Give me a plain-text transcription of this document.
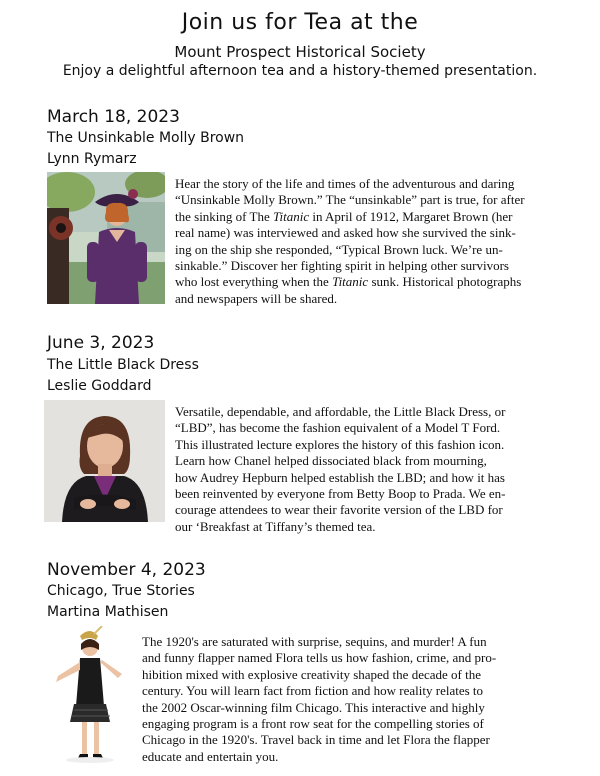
Join us for Tea at the
Mount Prospect Historical Society
Enjoy a delightful afternoon tea and a history-themed presentation.
March 18, 2023
The Unsinkable Molly Brown
Lynn Rymarz

Hear the story of the life and times of the adventurous and daring

“Unsinkable Molly Brown.” The “unsinkable” part is true, for after

the sinking of The Titanic in April of 1912, Margaret Brown (her

real name) was interviewed and asked how she survived the sink-

ing on the ship she responded, “Typical Brown luck. We’re un-

sinkable.” Discover her fighting spirit in helping other survivors

who lost everything when the Titanic sunk. Historical photographs

and newspapers will be shared.

June 3, 2023
The Little Black Dress
Leslie Goddard

Versatile, dependable, and affordable, the Little Black Dress, or

“LBD”, has become the fashion equivalent of a Model T Ford.

This illustrated lecture explores the history of this fashion icon.

Learn how Chanel helped dissociated black from mourning,

how Audrey Hepburn helped establish the LBD; and how it has

been reinvented by everyone from Betty Boop to Prada. We en-

courage attendees to wear their favorite version of the LBD for

our ‘Breakfast at Tiffany’s themed tea.

November 4, 2023
Chicago, True Stories
Martina Mathisen

The 1920's are saturated with surprise, sequins, and murder! A fun

and funny flapper named Flora tells us how fashion, crime, and pro-

hibition mixed with explosive creativity shaped the decade of the

century. You will learn fact from fiction and how reality relates to

the 2002 Oscar-winning film Chicago. This interactive and highly

engaging program is a front row seat for the compelling stories of

Chicago in the 1920's. Travel back in time and let Flora the flapper

educate and entertain you.
